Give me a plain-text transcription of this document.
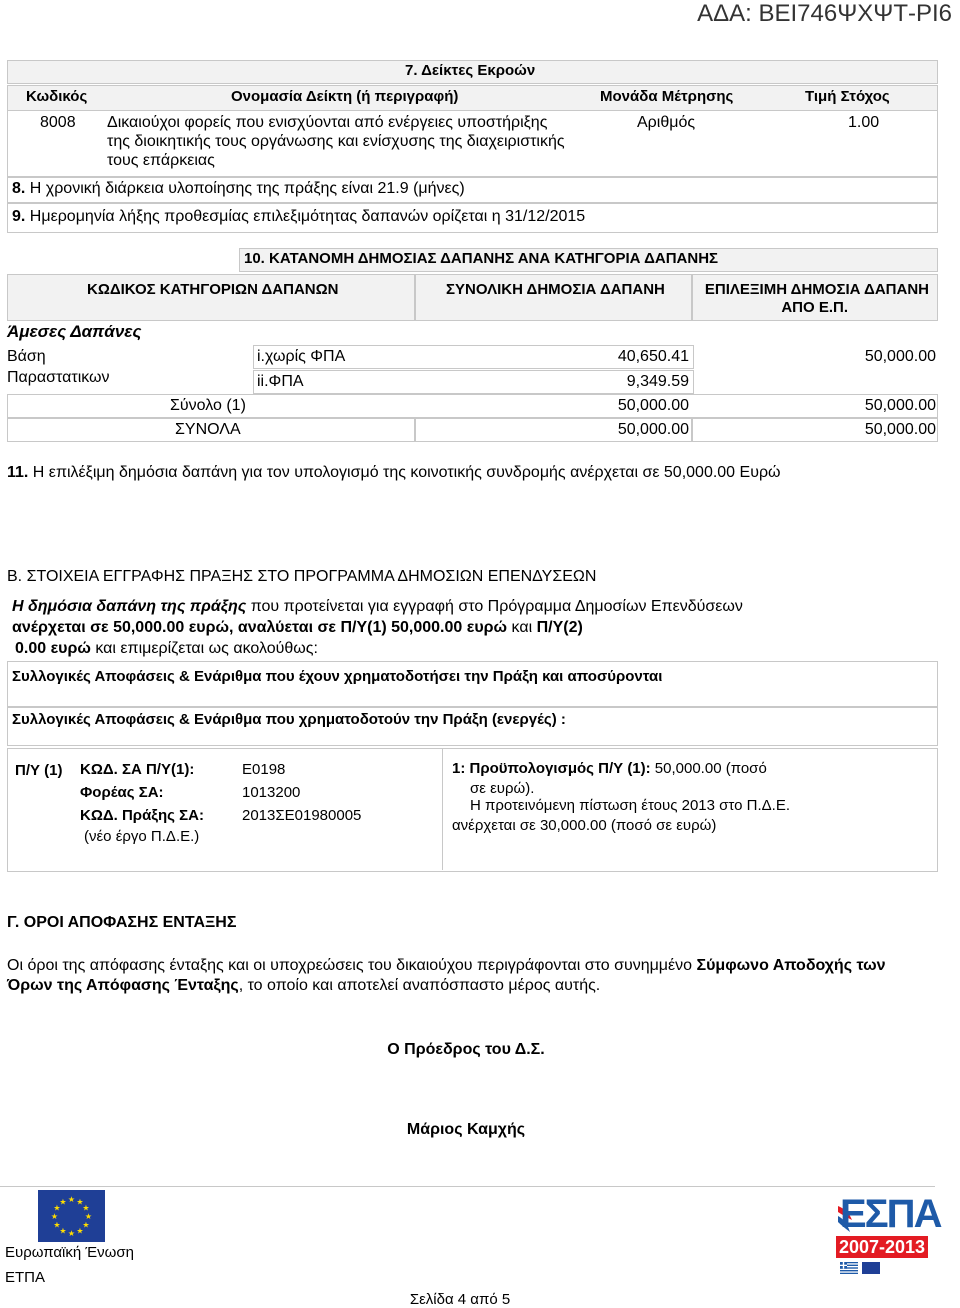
ΑΔΑ: ΒΕΙ746ΨΧΨΤ-ΡΙ6
7. Δείκτες Εκροών
Κωδικός	Ονομασία Δείκτη (ή περιγραφή)	Μονάδα Μέτρησης	Τιμή Στόχος
8008 Δικαιούχοι φορείς που ενισχύονται από ενέργειες υποστήριξης
της διοικητικής τους οργάνωσης και ενίσχυσης της διαχειριστικής
τους επάρκειας
Αριθμός	1.00
8. Η χρονική διάρκεια υλοποίησης της πράξης είναι 21.9 (μήνες)
9. Ημερομηνία λήξης προθεσμίας επιλεξιμότητας δαπανών ορίζεται η 31/12/2015
10. ΚΑΤΑΝΟΜΗ ΔΗΜΟΣΙΑΣ ΔΑΠΑΝΗΣ ΑΝΑ ΚΑΤΗΓΟΡΙΑ ΔΑΠΑΝΗΣ
ΚΩΔΙΚΟΣ ΚΑΤΗΓΟΡΙΩΝ ΔΑΠΑΝΩΝ	ΣΥΝΟΛΙΚΗ ΔΗΜΟΣΙΑ ΔΑΠΑΝΗ	ΕΠΙΛΕΞΙΜΗ ΔΗΜΟΣΙΑ ΔΑΠΑΝΗ
ΑΠΟ Ε.Π.
Άμεσες Δαπάνες
Βάση
Παραστατικων
i.χωρίς ΦΠΑ	40,650.41	50,000.00
ii.ΦΠΑ	9,349.59
Σύνολο (1)	50,000.00	50,000.00
ΣΥΝΟΛΑ	50,000.00	50,000.00
11. Η επιλέξιμη δημόσια δαπάνη για τον υπολογισμό της κοινοτικής συνδρομής ανέρχεται σε 50,000.00 Ευρώ
Β. ΣΤΟΙΧΕΙΑ ΕΓΓΡΑΦΗΣ ΠΡΑΞΗΣ ΣΤΟ ΠΡΟΓΡΑΜΜΑ ΔΗΜΟΣΙΩΝ ΕΠΕΝΔΥΣΕΩΝ
Η δημόσια δαπάνη της πράξης που προτείνεται για εγγραφή στο Πρόγραμμα Δημοσίων Επενδύσεων
ανέρχεται σε 50,000.00 ευρώ, αναλύεται σε Π/Υ(1) 50,000.00 ευρώ και Π/Υ(2)
0.00 ευρώ και επιμερίζεται ως ακολούθως:
Συλλογικές Αποφάσεις & Ενάριθμα που έχουν χρηματοδοτήσει την Πράξη και αποσύρονται
Συλλογικές Αποφάσεις & Ενάριθμα που χρηματοδοτούν την Πράξη (ενεργές) :
Π/Υ (1) ΚΩΔ. ΣΑ Π/Υ(1):	Ε0198
Φορέας ΣΑ:	1013200
ΚΩΔ. Πράξης ΣΑ:	2013ΣΕ01980005
(νέο έργο Π.Δ.Ε.)
1: Προϋπολογισμός Π/Υ (1): 50,000.00 (ποσό
σε ευρώ).
Η προτεινόμενη πίστωση έτους 2013 στο Π.Δ.Ε.
ανέρχεται σε 30,000.00 (ποσό σε ευρώ)
Γ. ΟΡΟΙ ΑΠΟΦΑΣΗΣ ΕΝΤΑΞΗΣ
Οι όροι της απόφασης ένταξης και οι υποχρεώσεις του δικαιούχου περιγράφονται στο συνημμένο Σύμφωνο Αποδοχής των
Όρων της Απόφασης Ένταξης, το οποίο και αποτελεί αναπόσπαστο μέρος αυτής.
Ο Πρόεδρος του Δ.Σ.
Μάριος Καμχής
★ ★
★
★
★
★
★
★
★
★
★
★
Ευρωπαϊκή Ένωση
ΕΤΠΑ
Σελίδα 4 από 5
ΕΣΠΑ
2007-2013
